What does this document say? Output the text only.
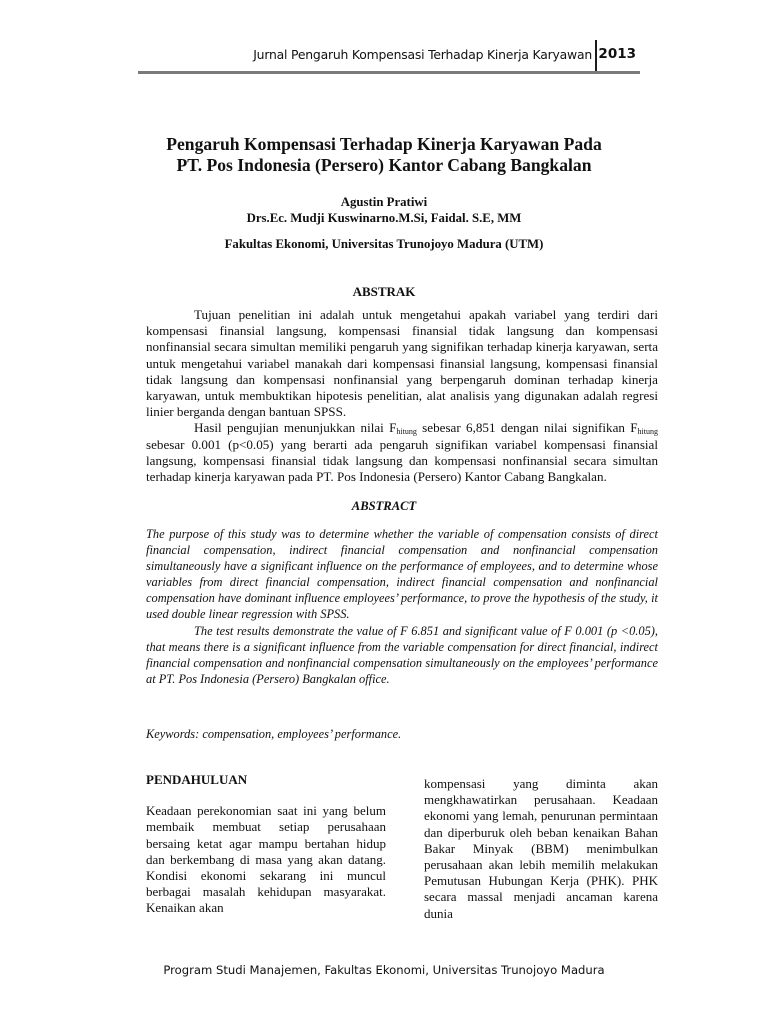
Jurnal Pengaruh Kompensasi Terhadap Kinerja Karyawan 2013
Pengaruh Kompensasi Terhadap Kinerja Karyawan Pada
PT. Pos Indonesia (Persero) Kantor Cabang Bangkalan
Agustin Pratiwi
Drs.Ec. Mudji Kuswinarno.M.Si, Faidal. S.E, MM
Fakultas Ekonomi, Universitas Trunojoyo Madura (UTM)
ABSTRAK

Tujuan penelitian ini adalah untuk mengetahui apakah variabel yang terdiri dari kompensasi finansial langsung, kompensasi finansial tidak langsung dan kompensasi nonfinansial secara simultan memiliki pengaruh yang signifikan terhadap kinerja karyawan, serta untuk mengetahui variabel manakah dari kompensasi finansial langsung, kompensasi finansial tidak langsung dan kompensasi nonfinansial yang berpengaruh dominan terhadap kinerja karyawan, untuk membuktikan hipotesis penelitian, alat analisis yang digunakan adalah regresi linier berganda dengan bantuan SPSS.

Hasil pengujian menunjukkan nilai $F_{hitung}$ sebesar 6,851 dengan nilai signifikan $F_{hitung}$ sebesar 0.001 (p<0.05) yang berarti ada pengaruh signifikan variabel kompensasi finansial langsung, kompensasi finansial tidak langsung dan kompensasi nonfinansial secara simultan terhadap kinerja karyawan pada PT. Pos Indonesia (Persero) Kantor Cabang Bangkalan.

ABSTRACT

The purpose of this study was to determine whether the variable of compensation consists of direct financial compensation, indirect financial compensation and nonfinancial compensation simultaneously have a significant influence on the performance of employees, and to determine whose variables from direct financial compensation, indirect financial compensation and nonfinancial compensation have dominant influence employees’ performance, to prove the hypothesis of the study, it used double linear regression with SPSS.

The test results demonstrate the value of F 6.851 and significant value of F 0.001 (p <0.05), that means there is a significant influence from the variable compensation for direct financial, indirect financial compensation and nonfinancial compensation simultaneously on the employees’ performance at PT. Pos Indonesia (Persero) Bangkalan office.

Keywords: compensation, employees’ performance.
PENDAHULUAN

Keadaan perekonomian saat ini yang belum membaik membuat setiap perusahaan bersaing ketat agar mampu bertahan hidup dan berkembang di masa yang akan datang. Kondisi ekonomi sekarang ini muncul berbagai masalah kehidupan masyarakat. Kenaikan akan

kompensasi yang diminta akan mengkhawatirkan perusahaan. Keadaan ekonomi yang lemah, penurunan permintaan dan diperburuk oleh beban kenaikan Bahan Bakar Minyak (BBM) menimbulkan perusahaan akan lebih memilih melakukan Pemutusan Hubungan Kerja (PHK). PHK secara massal menjadi ancaman karena dunia

Program Studi Manajemen, Fakultas Ekonomi, Universitas Trunojoyo Madura
